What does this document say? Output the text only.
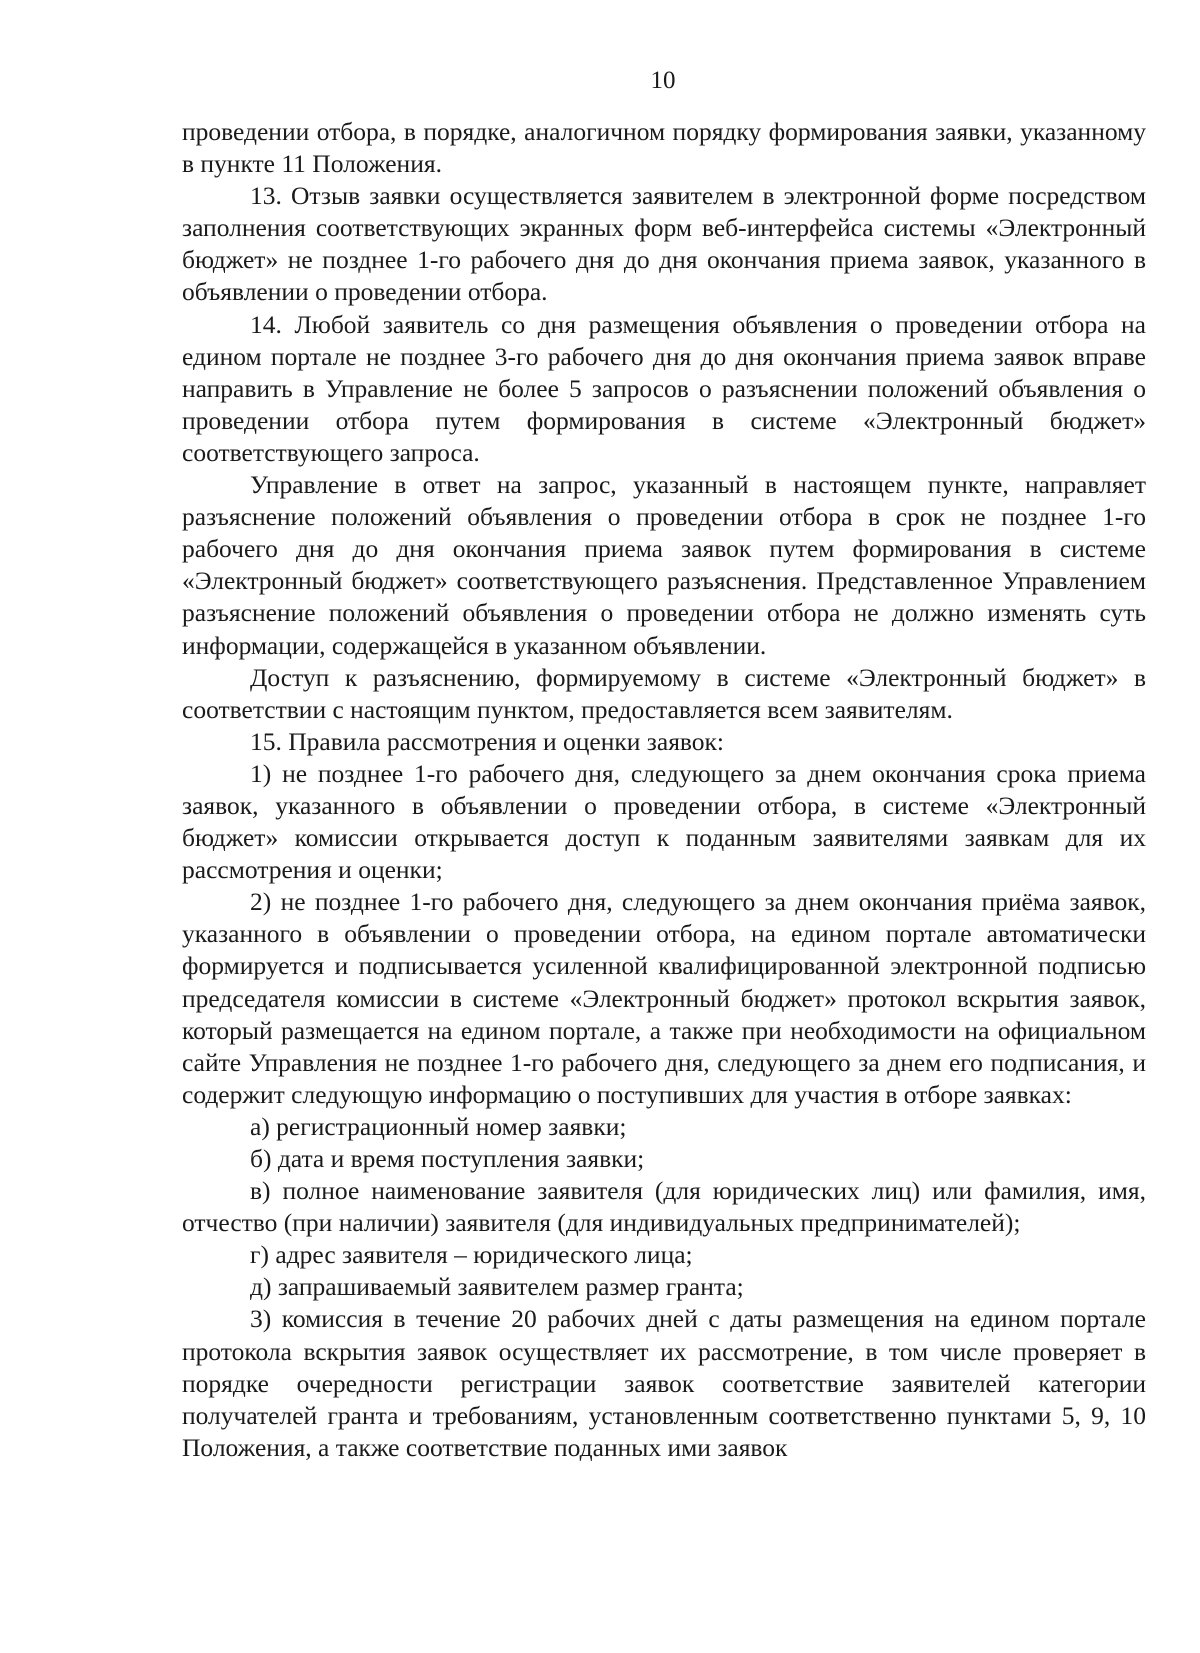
10

проведении отбора, в порядке, аналогичном порядку формирования заявки, указанному в пункте 11 Положения.

13. Отзыв заявки осуществляется заявителем в электронной форме посредством заполнения соответствующих экранных форм веб-интерфейса системы «Электронный бюджет» не позднее 1-го рабочего дня до дня окончания приема заявок, указанного в объявлении о проведении отбора.

14. Любой заявитель со дня размещения объявления о проведении отбора на едином портале не позднее 3-го рабочего дня до дня окончания приема заявок вправе направить в Управление не более 5 запросов о разъяснении положений объявления о проведении отбора путем формирования в системе «Электронный бюджет» соответствующего запроса.

Управление в ответ на запрос, указанный в настоящем пункте, направляет разъяснение положений объявления о проведении отбора в срок не позднее 1-го рабочего дня до дня окончания приема заявок путем формирования в системе «Электронный бюджет» соответствующего разъяснения. Представленное Управлением разъяснение положений объявления о проведении отбора не должно изменять суть информации, содержащейся в указанном объявлении.

Доступ к разъяснению, формируемому в системе «Электронный бюджет» в соответствии с настоящим пунктом, предоставляется всем заявителям.

15. Правила рассмотрения и оценки заявок:

1) не позднее 1-го рабочего дня, следующего за днем окончания срока приема заявок, указанного в объявлении о проведении отбора, в системе «Электронный бюджет» комиссии открывается доступ к поданным заявителями заявкам для их рассмотрения и оценки;

2) не позднее 1-го рабочего дня, следующего за днем окончания приёма заявок, указанного в объявлении о проведении отбора, на едином портале автоматически формируется и подписывается усиленной квалифицированной электронной подписью председателя комиссии в системе «Электронный бюджет» протокол вскрытия заявок, который размещается на едином портале, а также при необходимости на официальном сайте Управления не позднее 1-го рабочего дня, следующего за днем его подписания, и содержит следующую информацию о поступивших для участия в отборе заявках:

а) регистрационный номер заявки;

б) дата и время поступления заявки;

в) полное наименование заявителя (для юридических лиц) или фамилия, имя, отчество (при наличии) заявителя (для индивидуальных предпринимателей);

г) адрес заявителя – юридического лица;

д) запрашиваемый заявителем размер гранта;

3) комиссия в течение 20 рабочих дней с даты размещения на едином портале протокола вскрытия заявок осуществляет их рассмотрение, в том числе проверяет в порядке очередности регистрации заявок соответствие заявителей категории получателей гранта и требованиям, установленным соответственно пунктами 5, 9, 10 Положения, а также соответствие поданных ими заявок
